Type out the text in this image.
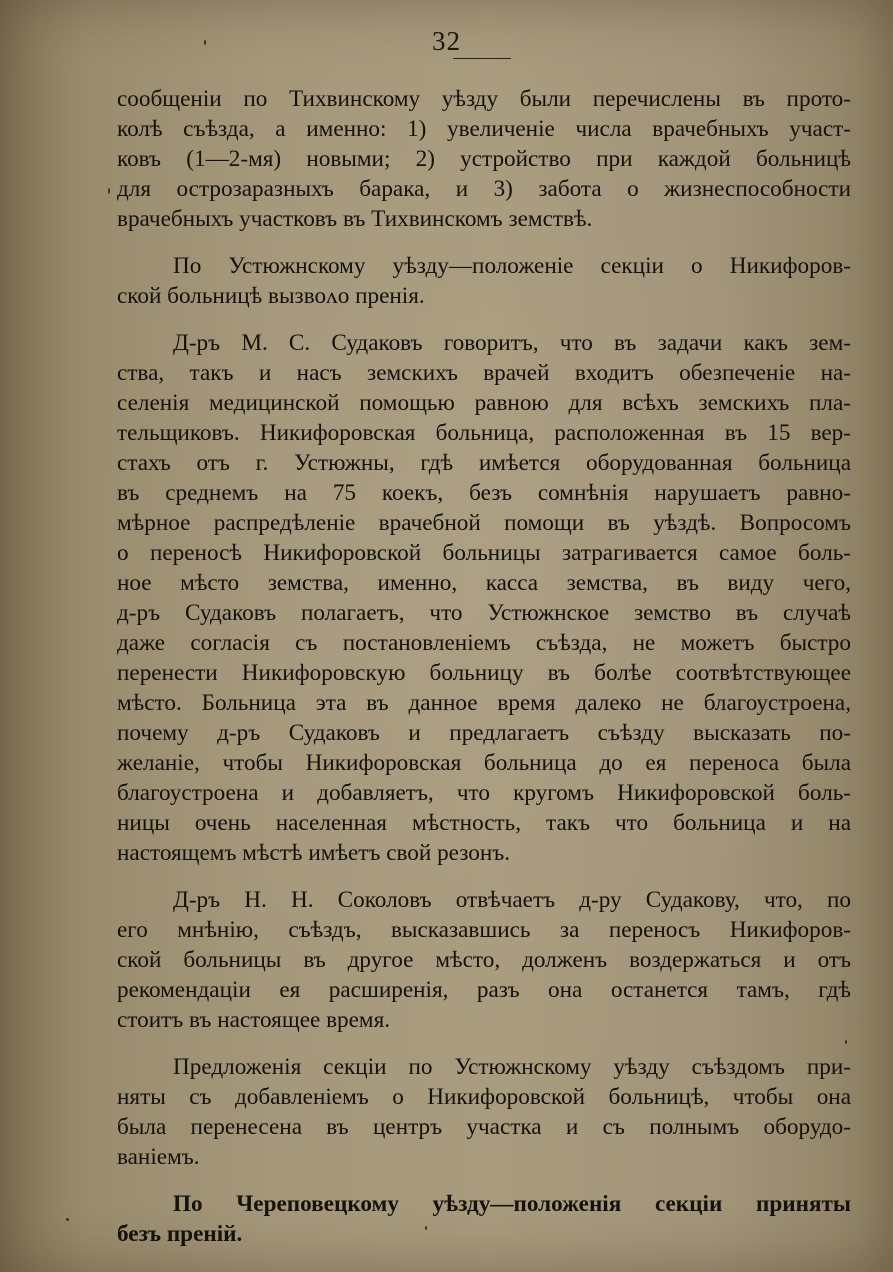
32

сообщеніи по Тихвинскому уѣзду были перечислены въ прото-
колѣ съѣзда, а именно: 1) увеличеніе числа врачебныхъ участ-
ковъ (1—2-мя) новыми; 2) устройство при каждой больницѣ
для острозаразныхъ барака, и 3) забота о жизнеспособности
врачебныхъ участковъ въ Тихвинскомъ земствѣ.

По Устюжнскому уѣзду—положеніе секціи о Никифоров-
ской больницѣ вызвоʌо пренія.

Д-ръ М. С. Судаковъ говоритъ, что въ задачи какъ зем-
ства, такъ и насъ земскихъ врачей входитъ обезпеченіе на-
селенія медицинской помощью равною для всѣхъ земскихъ пла-
тельщиковъ. Никифоровская больница, расположенная въ 15 вер-
стахъ отъ г. Устюжны, гдѣ имѣется оборудованная больница
въ среднемъ на 75 коекъ, безъ сомнѣнія нарушаетъ равно-
мѣрное распредѣленіе врачебной помощи въ уѣздѣ. Вопросомъ
о переносѣ Никифоровской больницы затрагивается самое боль-
ное мѣсто земства, именно, касса земства, въ виду чего,
д-ръ Судаковъ полагаетъ, что Устюжнское земство въ случаѣ
даже согласія съ постановленіемъ съѣзда, не можетъ быстро
перенести Никифоровскую больницу въ болѣе соотвѣтствующее
мѣсто. Больница эта въ данное время далеко не благоустроена,
почему д-ръ Судаковъ и предлагаетъ съѣзду высказать по-
желаніе, чтобы Никифоровская больница до ея переноса была
благоустроена и добавляетъ, что кругомъ Никифоровской боль-
ницы очень населенная мѣстность, такъ что больница и на
настоящемъ мѣстѣ имѣетъ свой резонъ.

Д-ръ Н. Н. Соколовъ отвѣчаетъ д-ру Судакову, что, по
его мнѣнію, съѣздъ, высказавшись за переносъ Никифоров-
ской больницы въ другое мѣсто, долженъ воздержаться и отъ
рекомендаціи ея расширенія, разъ она останется тамъ, гдѣ
стоитъ въ настоящее время.

Предложенія секціи по Устюжнскому уѣзду съѣздомъ при-
няты съ добавленіемъ о Никифоровской больницѣ, чтобы она
была перенесена въ центръ участка и съ полнымъ оборудо-
ваніемъ.

По Череповецкому уѣзду—положенія секціи приняты
безъ преній.
